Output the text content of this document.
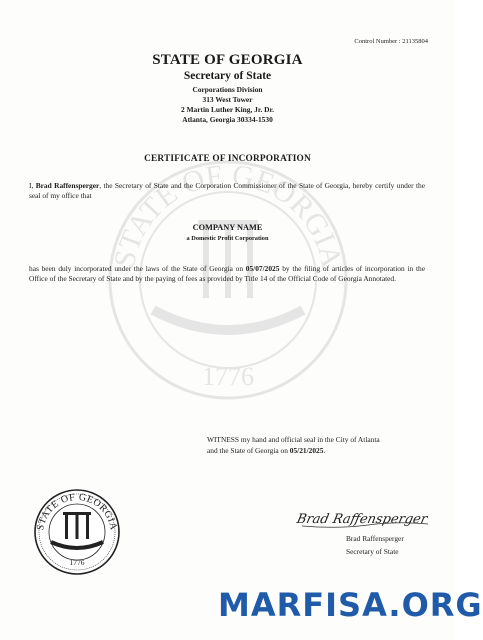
STATE OF GEORGIA
1776
Control Number : 21135804
STATE OF GEORGIA
Secretary of State
Corporations Division
313 West Tower
2 Martin Luther King, Jr. Dr.
Atlanta, Georgia 30334-1530
CERTIFICATE OF INCORPORATION
I, Brad Raffensperger, the Secretary of State and the Corporation Commissioner of the State of Georgia, hereby certify under the seal of my office that
COMPANY NAME
a Domestic Profit Corporation
has been duly incorporated under the laws of the State of Georgia on 05/07/2025 by the filing of articles of incorporation in the Office of the Secretary of State and by the paying of fees as provided by Title 14 of the Official Code of Georgia Annotated.
WITNESS my hand and official seal in the City of Atlanta
and the State of Georgia on 05/21/2025.
Brad Raffensperger
Brad Raffensperger
Secretary of State
STATE OF GEORGIA
1776
MARFISA.ORG
